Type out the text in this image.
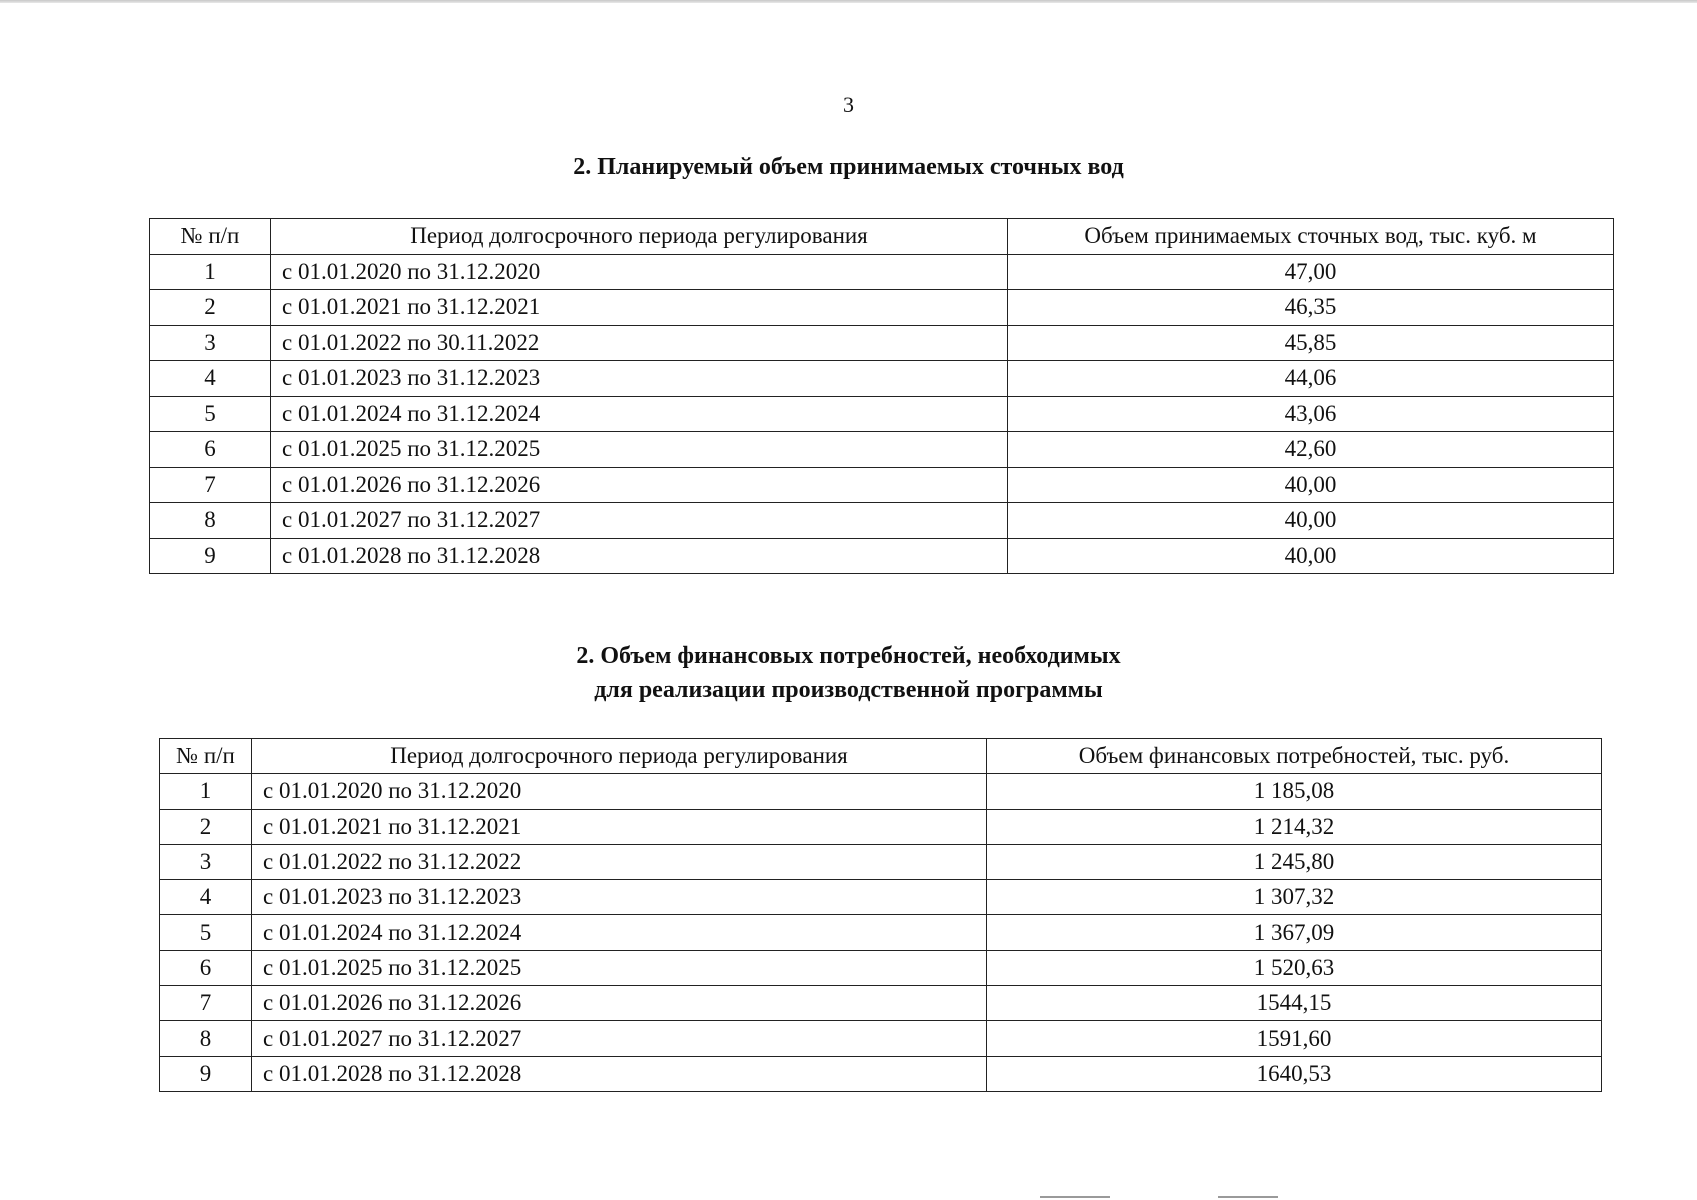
3
2. Планируемый объем принимаемых сточных вод
№ п/п	Период долгосрочного периода регулирования	Объем принимаемых сточных вод, тыс. куб. м
1	с 01.01.2020 по 31.12.2020	47,00
2	с 01.01.2021 по 31.12.2021	46,35
3	с 01.01.2022 по 30.11.2022	45,85
4	с 01.01.2023 по 31.12.2023	44,06
5	с 01.01.2024 по 31.12.2024	43,06
6	с 01.01.2025 по 31.12.2025	42,60
7	с 01.01.2026 по 31.12.2026	40,00
8	с 01.01.2027 по 31.12.2027	40,00
9	с 01.01.2028 по 31.12.2028	40,00
2. Объем финансовых потребностей, необходимых
для реализации производственной программы
№ п/п	Период долгосрочного периода регулирования	Объем финансовых потребностей, тыс. руб.
1	с 01.01.2020 по 31.12.2020	1 185,08
2	с 01.01.2021 по 31.12.2021	1 214,32
3	с 01.01.2022 по 31.12.2022	1 245,80
4	с 01.01.2023 по 31.12.2023	1 307,32
5	с 01.01.2024 по 31.12.2024	1 367,09
6	с 01.01.2025 по 31.12.2025	1 520,63
7	с 01.01.2026 по 31.12.2026	1544,15
8	с 01.01.2027 по 31.12.2027	1591,60
9	с 01.01.2028 по 31.12.2028	1640,53
